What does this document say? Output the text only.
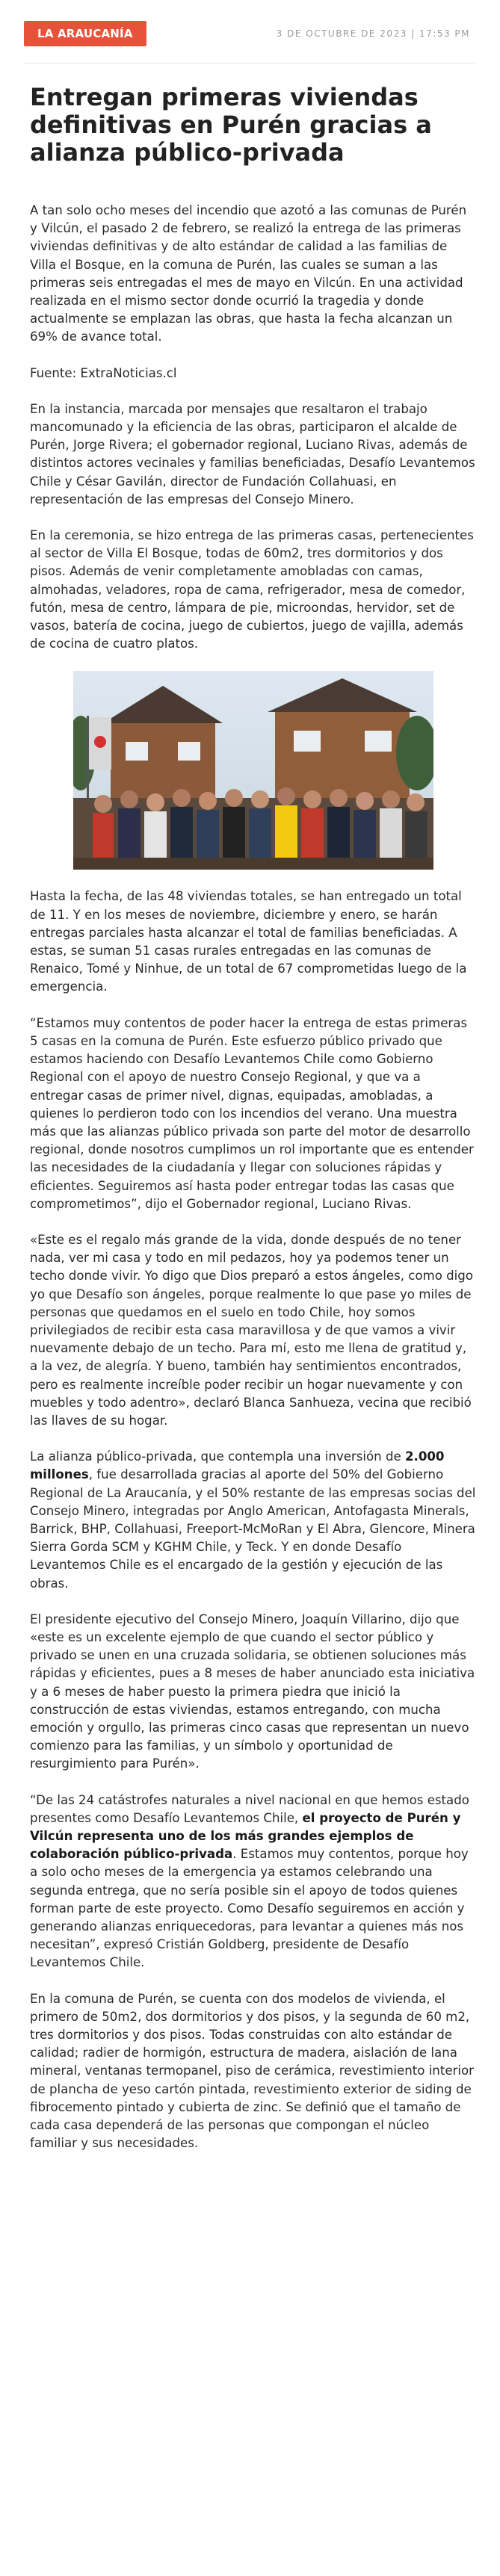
LA ARAUCANÍA	3 DE OCTUBRE DE 2023 | 17:53 PM
Entregan primeras viviendas definitivas en Purén gracias a alianza público-privada

A tan solo ocho meses del incendio que azotó a las comunas de Purén y Vilcún, el pasado 2 de febrero, se realizó la entrega de las primeras viviendas definitivas y de alto estándar de calidad a las familias de Villa el Bosque, en la comuna de Purén, las cuales se suman a las primeras seis entregadas el mes de mayo en Vilcún. En una actividad realizada en el mismo sector donde ocurrió la tragedia y donde actualmente se emplazan las obras, que hasta la fecha alcanzan un 69% de avance total.

Fuente: ExtraNoticias.cl

En la instancia, marcada por mensajes que resaltaron el trabajo mancomunado y la eficiencia de las obras, participaron el alcalde de Purén, Jorge Rivera; el gobernador regional, Luciano Rivas, además de distintos actores vecinales y familias beneficiadas, Desafío Levantemos Chile y César Gavilán, director de Fundación Collahuasi, en representación de las empresas del Consejo Minero.

En la ceremonia, se hizo entrega de las primeras casas, pertenecientes al sector de Villa El Bosque, todas de 60m2, tres dormitorios y dos pisos. Además de venir completamente amobladas con camas, almohadas, veladores, ropa de cama, refrigerador, mesa de comedor, futón, mesa de centro, lámpara de pie, microondas, hervidor, set de vasos, batería de cocina, juego de cubiertos, juego de vajilla, además de cocina de cuatro platos.

Hasta la fecha, de las 48 viviendas totales, se han entregado un total de 11. Y en los meses de noviembre, diciembre y enero, se harán entregas parciales hasta alcanzar el total de familias beneficiadas. A estas, se suman 51 casas rurales entregadas en las comunas de Renaico, Tomé y Ninhue, de un total de 67 comprometidas luego de la emergencia.

“Estamos muy contentos de poder hacer la entrega de estas primeras 5 casas en la comuna de Purén. Este esfuerzo público privado que estamos haciendo con Desafío Levantemos Chile como Gobierno Regional con el apoyo de nuestro Consejo Regional, y que va a entregar casas de primer nivel, dignas, equipadas, amobladas, a quienes lo perdieron todo con los incendios del verano. Una muestra más que las alianzas público privada son parte del motor de desarrollo regional, donde nosotros cumplimos un rol importante que es entender las necesidades de la ciudadanía y llegar con soluciones rápidas y eficientes. Seguiremos así hasta poder entregar todas las casas que comprometimos”, dijo el Gobernador regional, Luciano Rivas.

«Este es el regalo más grande de la vida, donde después de no tener nada, ver mi casa y todo en mil pedazos, hoy ya podemos tener un techo donde vivir. Yo digo que Dios preparó a estos ángeles, como digo yo que Desafío son ángeles, porque realmente lo que pase yo miles de personas que quedamos en el suelo en todo Chile, hoy somos privilegiados de recibir esta casa maravillosa y de que vamos a vivir nuevamente debajo de un techo. Para mí, esto me llena de gratitud y, a la vez, de alegría. Y bueno, también hay sentimientos encontrados, pero es realmente increíble poder recibir un hogar nuevamente y con muebles y todo adentro», declaró Blanca Sanhueza, vecina que recibió las llaves de su hogar.

La alianza público-privada, que contempla una inversión de 2.000 millones, fue desarrollada gracias al aporte del 50% del Gobierno Regional de La Araucanía, y el 50% restante de las empresas socias del Consejo Minero, integradas por Anglo American, Antofagasta Minerals, Barrick, BHP, Collahuasi, Freeport-McMoRan y El Abra, Glencore, Minera Sierra Gorda SCM y KGHM Chile, y Teck. Y en donde Desafío Levantemos Chile es el encargado de la gestión y ejecución de las obras.

El presidente ejecutivo del Consejo Minero, Joaquín Villarino, dijo que «este es un excelente ejemplo de que cuando el sector público y privado se unen en una cruzada solidaria, se obtienen soluciones más rápidas y eficientes, pues a 8 meses de haber anunciado esta iniciativa y a 6 meses de haber puesto la primera piedra que inició la construcción de estas viviendas, estamos entregando, con mucha emoción y orgullo, las primeras cinco casas que representan un nuevo comienzo para las familias, y un símbolo y oportunidad de resurgimiento para Purén».

“De las 24 catástrofes naturales a nivel nacional en que hemos estado presentes como Desafío Levantemos Chile, el proyecto de Purén y Vilcún representa uno de los más grandes ejemplos de colaboración público-privada. Estamos muy contentos, porque hoy a solo ocho meses de la emergencia ya estamos celebrando una segunda entrega, que no sería posible sin el apoyo de todos quienes forman parte de este proyecto. Como Desafío seguiremos en acción y generando alianzas enriquecedoras, para levantar a quienes más nos necesitan”, expresó Cristián Goldberg, presidente de Desafío Levantemos Chile.

En la comuna de Purén, se cuenta con dos modelos de vivienda, el primero de 50m2, dos dormitorios y dos pisos, y la segunda de 60 m2, tres dormitorios y dos pisos. Todas construidas con alto estándar de calidad; radier de hormigón, estructura de madera, aislación de lana mineral, ventanas termopanel, piso de cerámica, revestimiento interior de plancha de yeso cartón pintada, revestimiento exterior de siding de fibrocemento pintado y cubierta de zinc. Se definió que el tamaño de cada casa dependerá de las personas que compongan el núcleo familiar y sus necesidades.
